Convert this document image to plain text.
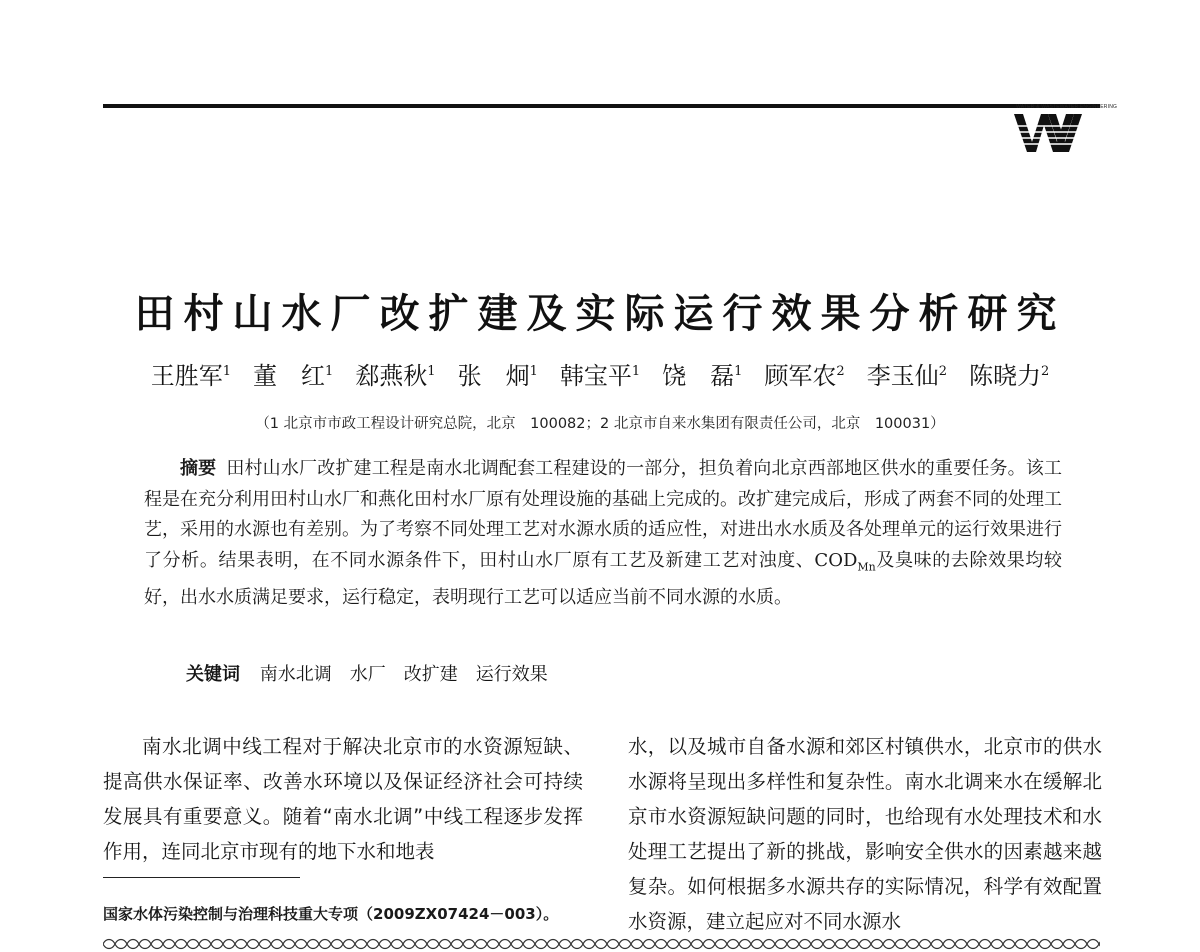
WATER & WASTEWATER ENGINEERING
田村山水厂改扩建及实际运行效果分析研究
王胜军$^1$ 董　红$^1$ 郄燕秋$^1$ 张　炯$^1$ 韩宝平$^1$ 饶　磊$^1$ 顾军农$^2$ 李玉仙$^2$ 陈晓力$^2$
（1 北京市市政工程设计研究总院，北京　100082；2 北京市自来水集团有限责任公司，北京　100031）
摘要 田村山水厂改扩建工程是南水北调配套工程建设的一部分，担负着向北京西部地区供水的重要任务。该工程是在充分利用田村山水厂和燕化田村水厂原有处理设施的基础上完成的。改扩建完成后，形成了两套不同的处理工艺，采用的水源也有差别。为了考察不同处理工艺对水源水质的适应性，对进出水水质及各处理单元的运行效果进行了分析。结果表明，在不同水源条件下，田村山水厂原有工艺及新建工艺对浊度、$COD_{Mn}$及臭味的去除效果均较好，出水水质满足要求，运行稳定，表明现行工艺可以适应当前不同水源的水质。
关键词 南水北调 水厂 改扩建 运行效果
南水北调中线工程对于解决北京市的水资源短缺、提高供水保证率、改善水环境以及保证经济社会可持续发展具有重要意义。随着“南水北调”中线工程逐步发挥作用，连同北京市现有的地下水和地表
水，以及城市自备水源和郊区村镇供水，北京市的供水水源将呈现出多样性和复杂性。南水北调来水在缓解北京市水资源短缺问题的同时，也给现有水处理技术和水处理工艺提出了新的挑战，影响安全供水的因素越来越复杂。如何根据多水源共存的实际情况，科学有效配置水资源，建立起应对不同水源水
国家水体污染控制与治理科技重大专项（2009ZX07424－003）。
